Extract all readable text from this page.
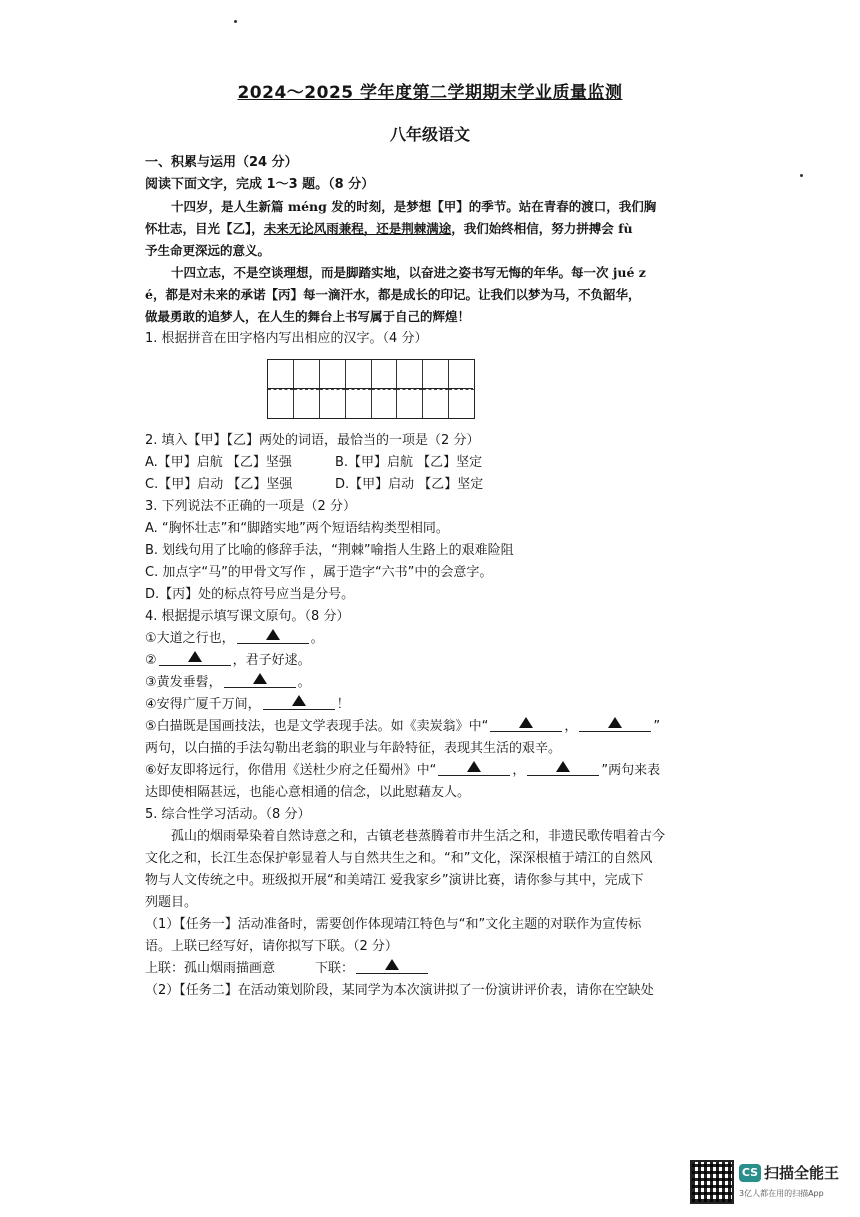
2024～2025 学年度第二学期期末学业质量监测
八年级语文
一、积累与运用（24 分）
阅读下面文字，完成 1～3 题。（8 分）
十四岁，是人生新篇 méng 发的时刻，是梦想【甲】的季节。站在青春的渡口，我们胸
怀壮志，目光【乙】，未来无论风雨兼程，还是荆棘满途，我们始终相信，努力拼搏会 fù
予生命更深远的意义。
十四立志，不是空谈理想，而是脚踏实地，以奋进之姿书写无悔的年华。每一次 jué z
é，都是对未来的承诺【丙】每一滴汗水，都是成长的印记。让我们以梦为马，不负韶华，
做最勇敢的追梦人，在人生的舞台上书写属于自己的辉煌！
1. 根据拼音在田字格内写出相应的汉字。（4 分）
2. 填入【甲】【乙】两处的词语，最恰当的一项是（2 分）
A.【甲】启航 【乙】坚强	B.【甲】启航 【乙】坚定
C.【甲】启动 【乙】坚强	D.【甲】启动 【乙】坚定
3. 下列说法不正确的一项是（2 分）
A. “胸怀壮志”和“脚踏实地”两个短语结构类型相同。
B. 划线句用了比喻的修辞手法，“荆棘”喻指人生路上的艰难险阻
C. 加点字“马”的甲骨文写作 ，属于造字“六书”中的会意字。
D.【丙】处的标点符号应当是分号。
4. 根据提示填写课文原句。（8 分）
①大道之行也，	。
②	，君子好逑。
③黄发垂髫，	。
④安得广厦千万间，	！
⑤白描既是国画技法，也是文学表现手法。如《卖炭翁》中“	，	”
两句，以白描的手法勾勒出老翁的职业与年龄特征，表现其生活的艰辛。
⑥好友即将远行，你借用《送杜少府之任蜀州》中“	，	”两句来表
达即使相隔甚远，也能心意相通的信念，以此慰藉友人。
5. 综合性学习活动。（8 分）
孤山的烟雨晕染着自然诗意之和，古镇老巷蒸腾着市井生活之和，非遗民歌传唱着古今
文化之和，长江生态保护彰显着人与自然共生之和。“和”文化，深深根植于靖江的自然风
物与人文传统之中。班级拟开展“和美靖江 爱我家乡”演讲比赛，请你参与其中，完成下
列题目。
（1）【任务一】活动准备时，需要创作体现靖江特色与“和”文化主题的对联作为宣传标
语。上联已经写好，请你拟写下联。（2 分）
上联：孤山烟雨描画意	下联：
（2）【任务二】在活动策划阶段，某同学为本次演讲拟了一份演讲评价表，请你在空缺处
CS 扫描全能王
3亿人都在用的扫描App
